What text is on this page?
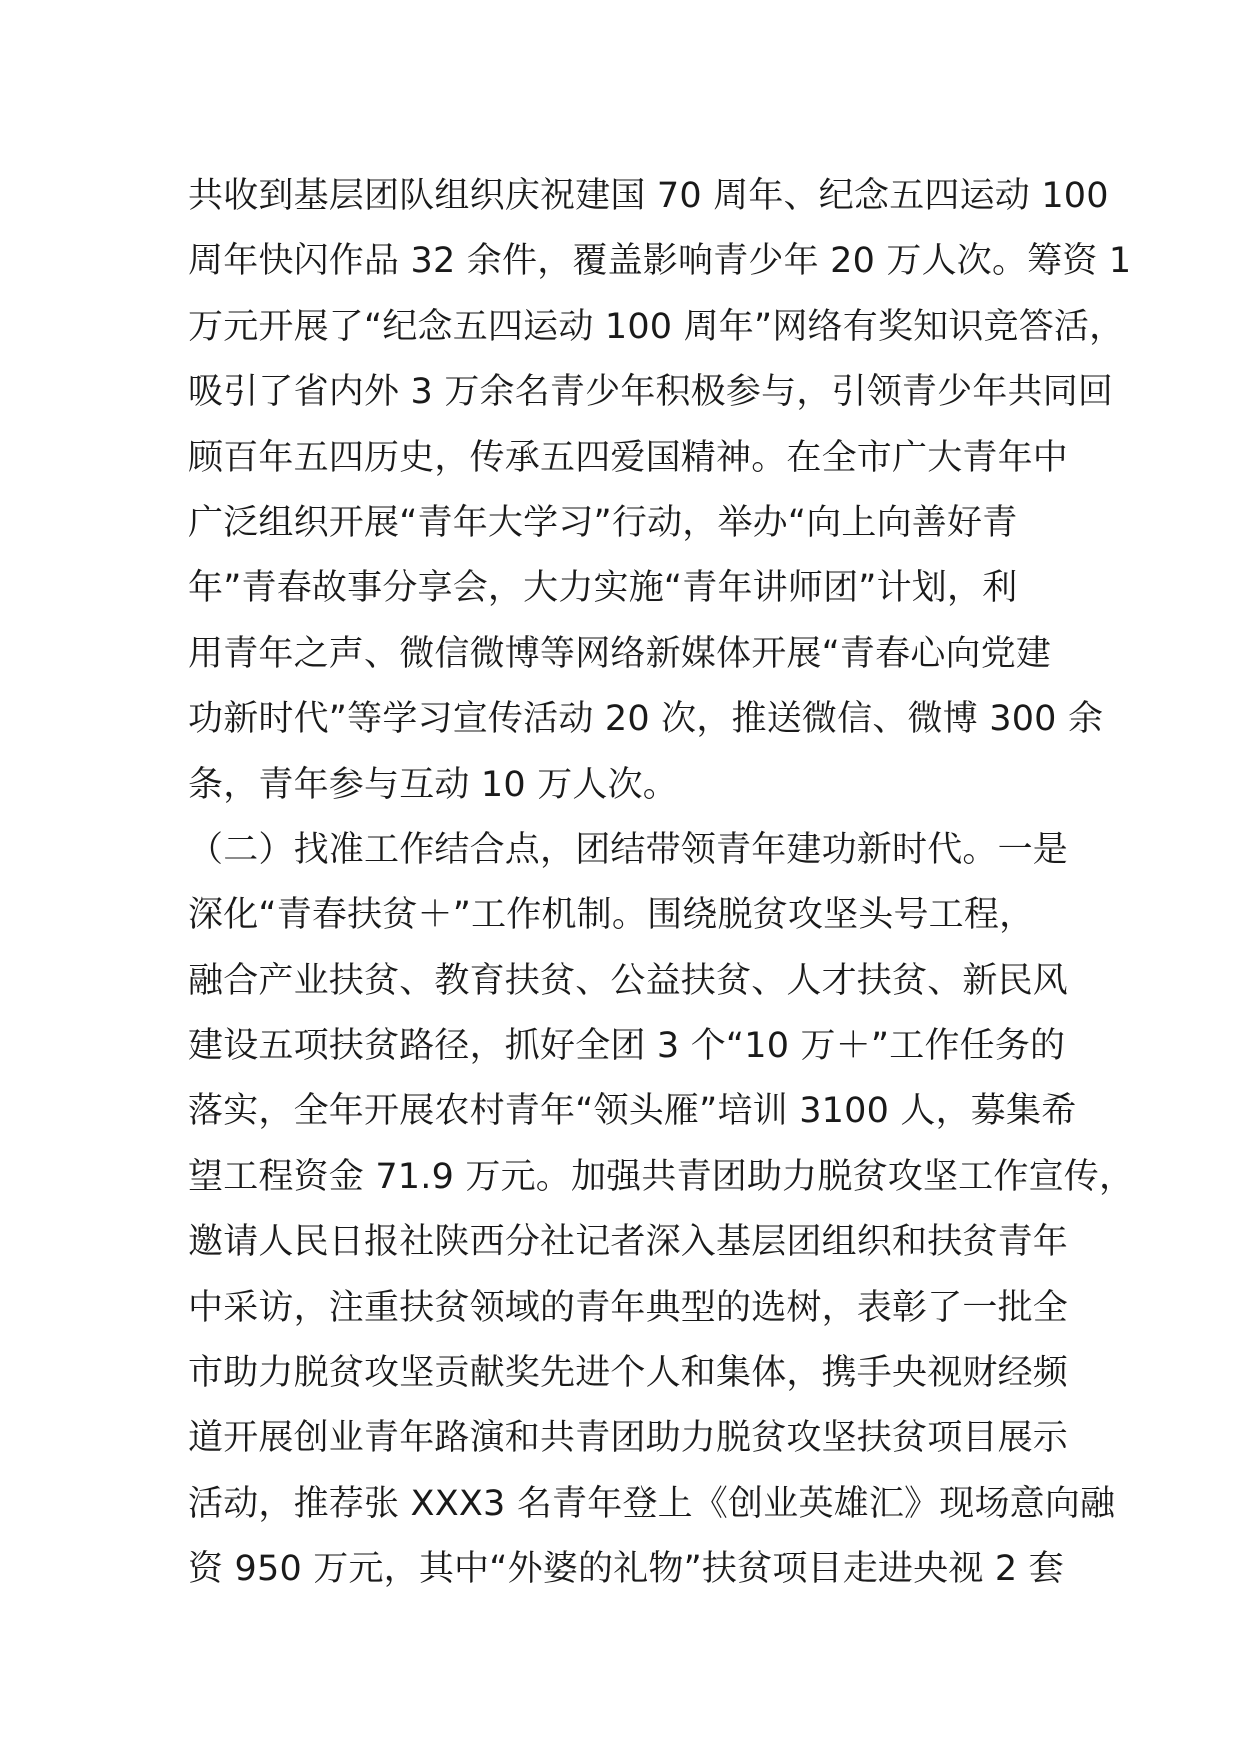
共收到基层团队组织庆祝建国 70 周年、纪念五四运动 100
周年快闪作品 32 余件，覆盖影响青少年 20 万人次。筹资 1
万元开展了“纪念五四运动 100 周年”网络有奖知识竞答活，
吸引了省内外 3 万余名青少年积极参与，引领青少年共同回
顾百年五四历史，传承五四爱国精神。在全市广大青年中
广泛组织开展“青年大学习”行动，举办“向上向善好青
年”青春故事分享会，大力实施“青年讲师团”计划，利
用青年之声、微信微博等网络新媒体开展“青春心向党建
功新时代”等学习宣传活动 20 次，推送微信、微博 300 余
条，青年参与互动 10 万人次。
（二）找准工作结合点，团结带领青年建功新时代。一是
深化“青春扶贫＋”工作机制。围绕脱贫攻坚头号工程，
融合产业扶贫、教育扶贫、公益扶贫、人才扶贫、新民风
建设五项扶贫路径，抓好全团 3 个“10 万＋”工作任务的
落实，全年开展农村青年“领头雁”培训 3100 人，募集希
望工程资金 71.9 万元。加强共青团助力脱贫攻坚工作宣传，
邀请人民日报社陕西分社记者深入基层团组织和扶贫青年
中采访，注重扶贫领域的青年典型的选树，表彰了一批全
市助力脱贫攻坚贡献奖先进个人和集体，携手央视财经频
道开展创业青年路演和共青团助力脱贫攻坚扶贫项目展示
活动，推荐张 XXX3 名青年登上《创业英雄汇》现场意向融
资 950 万元，其中“外婆的礼物”扶贫项目走进央视 2 套
